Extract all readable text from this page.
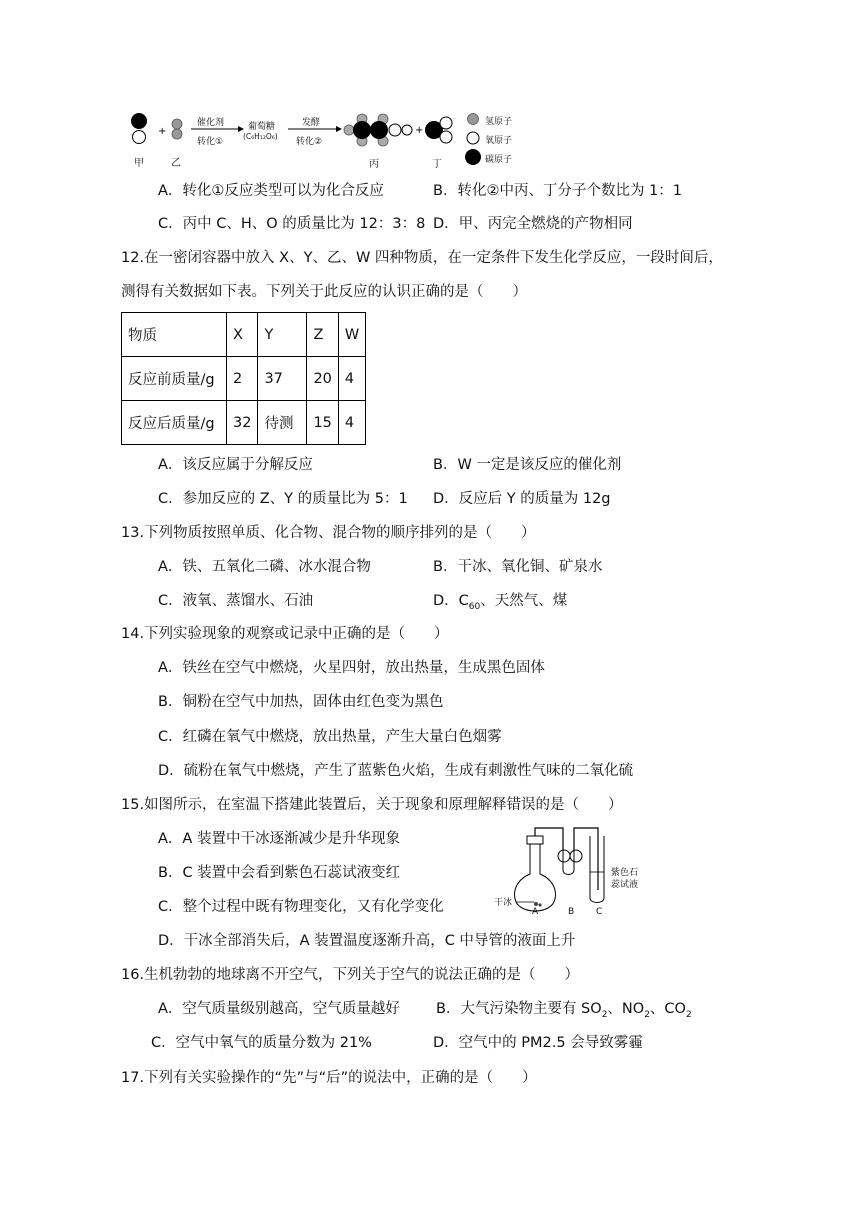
+	+
甲	乙
催化剂
转化①
葡萄糖
(C₆H₁₂O₆)
发酵
转化②
丙	丁
氢原子
氧原子
碳原子
A．转化①反应类型可以为化合反应	B．转化②中丙、丁分子个数比为 1：1
C．丙中 C、H、O 的质量比为 12：3：8 D．甲、丙完全燃烧的产物相同
12.在一密闭容器中放入 X、Y、乙、W 四种物质，在一定条件下发生化学反应，一段时间后，
测得有关数据如下表。下列关于此反应的认识正确的是（　　）
物质	X	Y	Z	W
反应前质量/g	2	37	20	4
反应后质量/g	32	待测	15	4
A．该反应属于分解反应	B．W 一定是该反应的催化剂
C．参加反应的 Z、Y 的质量比为 5：1 D．反应后 Y 的质量为 12g
13.下列物质按照单质、化合物、混合物的顺序排列的是（　　）
A．铁、五氧化二磷、冰水混合物	B．干冰、氧化铜、矿泉水
C．液氧、蒸馏水、石油	D．$C_{60}$、天然气、煤
14.下列实验现象的观察或记录中正确的是（　　）
A．铁丝在空气中燃烧，火星四射，放出热量，生成黑色固体
B．铜粉在空气中加热，固体由红色变为黑色
C．红磷在氧气中燃烧，放出热量，产生大量白色烟雾
D．硫粉在氧气中燃烧，产生了蓝紫色火焰，生成有刺激性气味的二氧化硫
15.如图所示，在室温下搭建此装置后，关于现象和原理解释错误的是（　　）
A．A 装置中干冰逐渐减少是升华现象
B．C 装置中会看到紫色石蕊试液变红
C．整个过程中既有物理变化，又有化学变化
D．干冰全部消失后，A 装置温度逐渐升高，C 中导管的液面上升
干冰
A	B C
紫色石
蕊试液
16.生机勃勃的地球离不开空气，下列关于空气的说法正确的是（　　）
A．空气质量级别越高，空气质量越好 B．大气污染物主要有 $SO_2$、$NO_2$、$CO_2$
C．空气中氧气的质量分数为 21%	D．空气中的 PM2.5 会导致雾霾
17.下列有关实验操作的“先”与“后”的说法中，正确的是（　　）
